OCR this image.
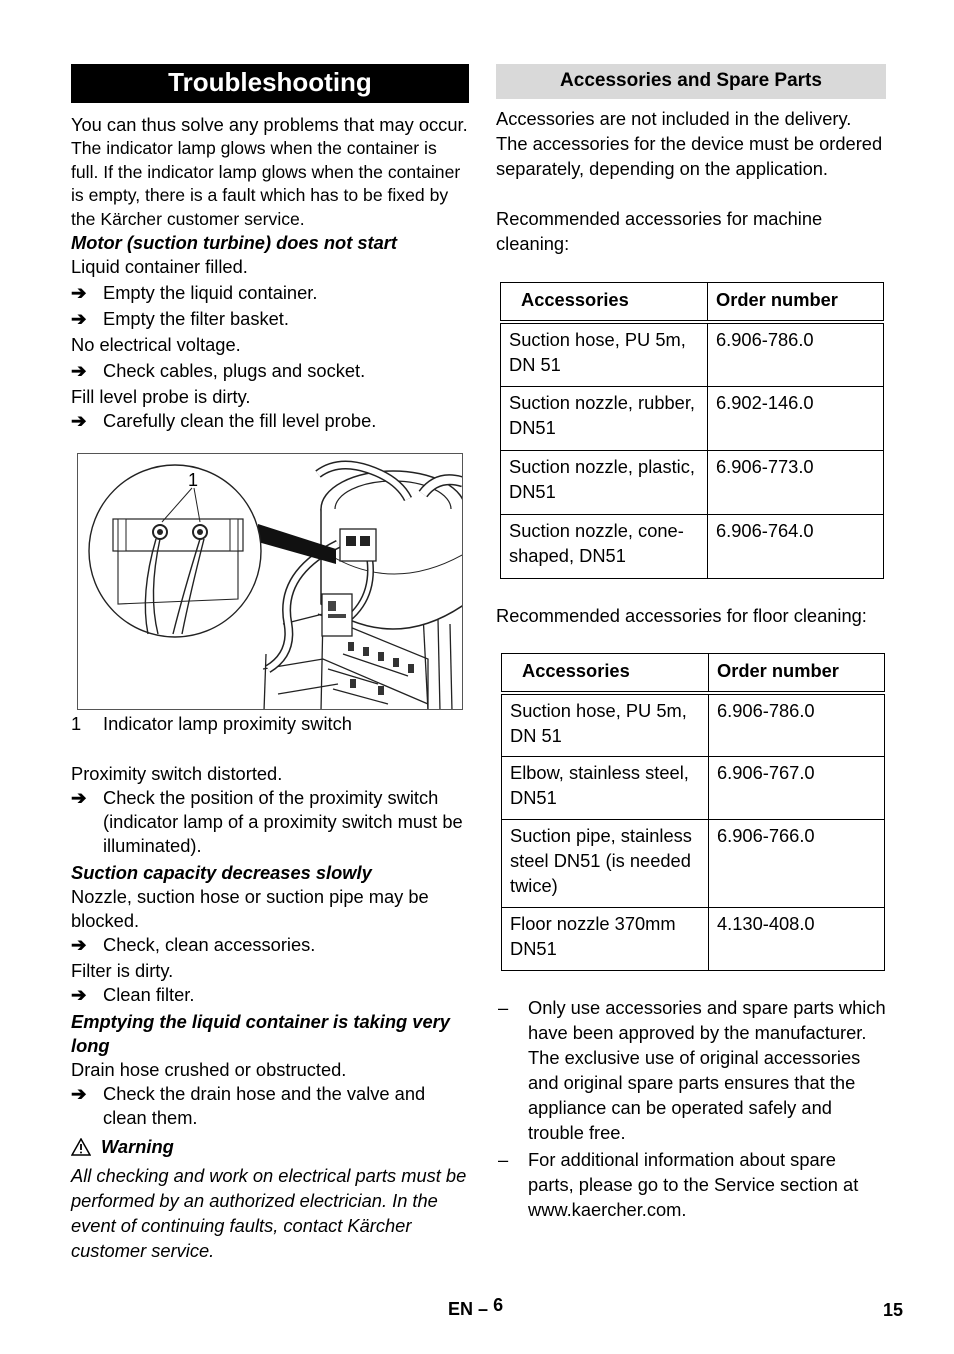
Troubleshooting

You can thus solve any problems that may occur.

The indicator lamp glows when the container is full. If the indicator lamp glows when the container is empty, there is a fault which has to be fixed by the Kärcher customer service.

Motor (suction turbine) does not start

Liquid container filled.

➔ Empty the liquid container.
➔ Empty the filter basket.

No electrical voltage.

➔ Check cables, plugs and socket.

Fill level probe is dirty.

➔ Carefully clean the fill level probe.
1
1 Indicator lamp proximity switch

Proximity switch distorted.

➔ Check the position of the proximity switch (indicator lamp of a proximity switch must be illuminated).

Suction capacity decreases slowly

Nozzle, suction hose or suction pipe may be blocked.

➔ Check, clean accessories.

Filter is dirty.

➔ Clean filter.

Emptying the liquid container is taking very long

Drain hose crushed or obstructed.

➔ Check the drain hose and the valve and clean them.
Warning

All checking and work on electrical parts must be performed by an authorized electrician. In the event of continuing faults, contact Kärcher customer service.

Accessories and Spare Parts

Accessories are not included in the delivery. The accessories for the device must be ordered separately, depending on the application.

Recommended accessories for machine cleaning:

Accessories	Order number
Suction hose, PU 5m, DN 51	6.906-786.0
Suction nozzle, rubber, DN51	6.902-146.0
Suction nozzle, plastic, DN51	6.906-773.0
Suction nozzle, cone-shaped, DN51	6.906-764.0

Recommended accessories for floor cleaning:

Accessories	Order number
Suction hose, PU 5m, DN 51	6.906-786.0
Elbow, stainless steel, DN51	6.906-767.0
Suction pipe, stainless steel DN51 (is needed twice)	6.906-766.0
Floor nozzle 370mm DN51	4.130-408.0
– Only use accessories and spare parts which have been approved by the manufacturer. The exclusive use of original accessories and original spare parts ensures that the appliance can be operated safely and trouble free.
– For additional information about spare parts, please go to the Service section at www.kaercher.com.
EN – 6	15
